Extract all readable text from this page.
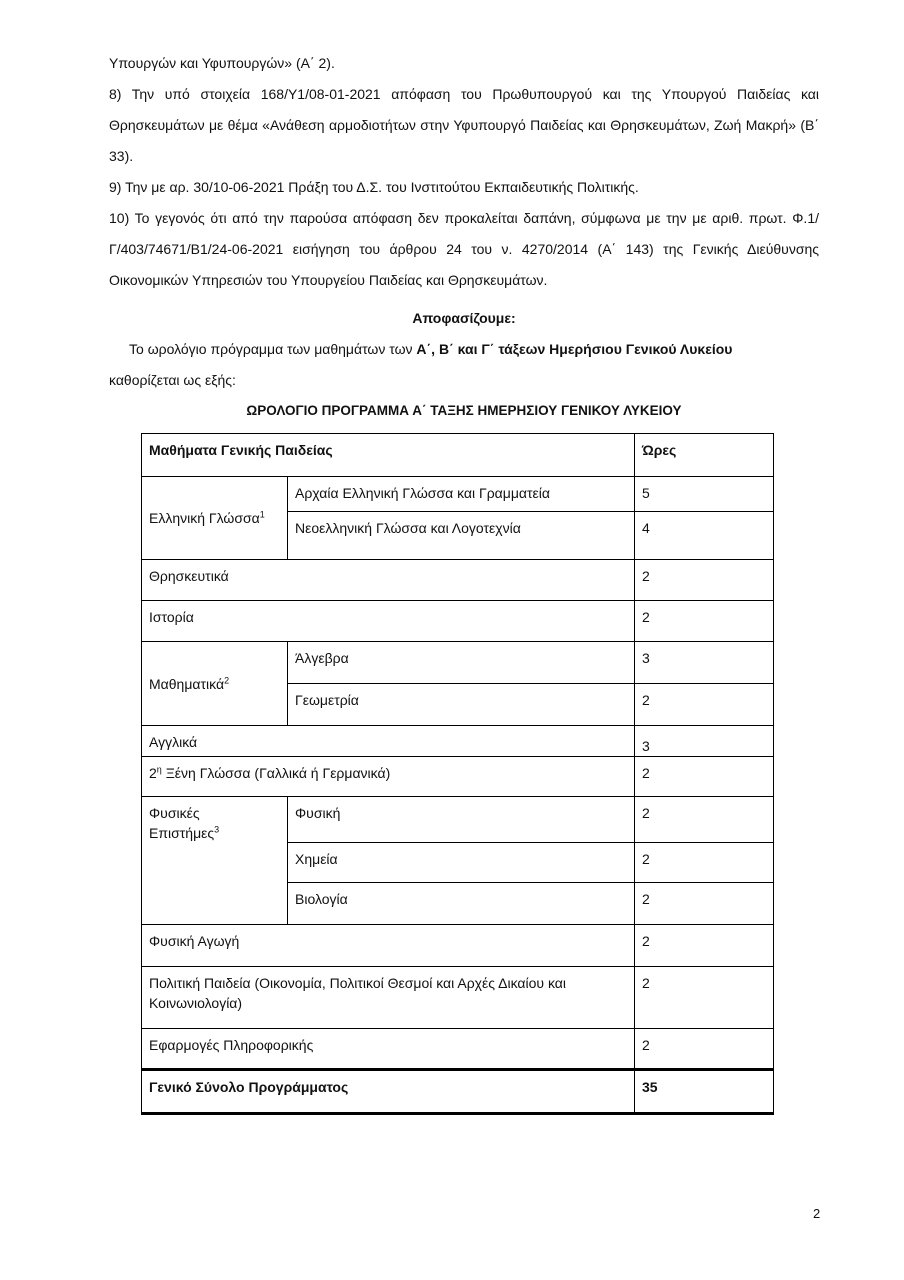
Υπουργών και Υφυπουργών» (Α΄ 2).
8) Την υπό στοιχεία 168/Υ1/08-01-2021 απόφαση του Πρωθυπουργού και της Υπουργού Παιδείας και Θρησκευμάτων με θέμα «Ανάθεση αρμοδιοτήτων στην Υφυπουργό Παιδείας και Θρησκευμάτων, Ζωή Μακρή» (Β΄ 33).
9) Την με αρ. 30/10-06-2021 Πράξη του Δ.Σ. του Ινστιτούτου Εκπαιδευτικής Πολιτικής.
10) Το γεγονός ότι από την παρούσα απόφαση δεν προκαλείται δαπάνη, σύμφωνα με την με αριθ. πρωτ. Φ.1/Γ/403/74671/Β1/24-06-2021 εισήγηση του άρθρου 24 του ν. 4270/2014 (Α΄ 143) της Γενικής Διεύθυνσης Οικονομικών Υπηρεσιών του Υπουργείου Παιδείας και Θρησκευμάτων.
Αποφασίζουμε:
Το ωρολόγιο πρόγραμμα των μαθημάτων των Α΄, Β΄ και Γ΄ τάξεων Ημερήσιου Γενικού Λυκείου
καθορίζεται ως εξής:
ΩΡΟΛΟΓΙΟ ΠΡΟΓΡΑΜΜΑ Α΄ ΤΑΞΗΣ ΗΜΕΡΗΣΙΟΥ ΓΕΝΙΚΟΥ ΛΥΚΕΙΟΥ
Μαθήματα Γενικής Παιδείας		Ώρες
Ελληνική Γλώσσα$^1$	Αρχαία Ελληνική Γλώσσα και Γραμματεία	5
	Νεοελληνική Γλώσσα και Λογοτεχνία	4
Θρησκευτικά		2
Ιστορία		2
Μαθηματικά$^2$	Άλγεβρα	3
	Γεωμετρία	2
Αγγλικά		3
$2^\eta$ Ξένη Γλώσσα (Γαλλικά ή Γερμανικά)		2
Φυσικές
Επιστήμες$^3$	Φυσική	2
	Χημεία	2
	Βιολογία	2
Φυσική Αγωγή		2
Πολιτική Παιδεία (Οικονομία, Πολιτικοί Θεσμοί και Αρχές Δικαίου και Κοινωνιολογία)		2
Εφαρμογές Πληροφορικής		2
Γενικό Σύνολο Προγράμματος		35
2
